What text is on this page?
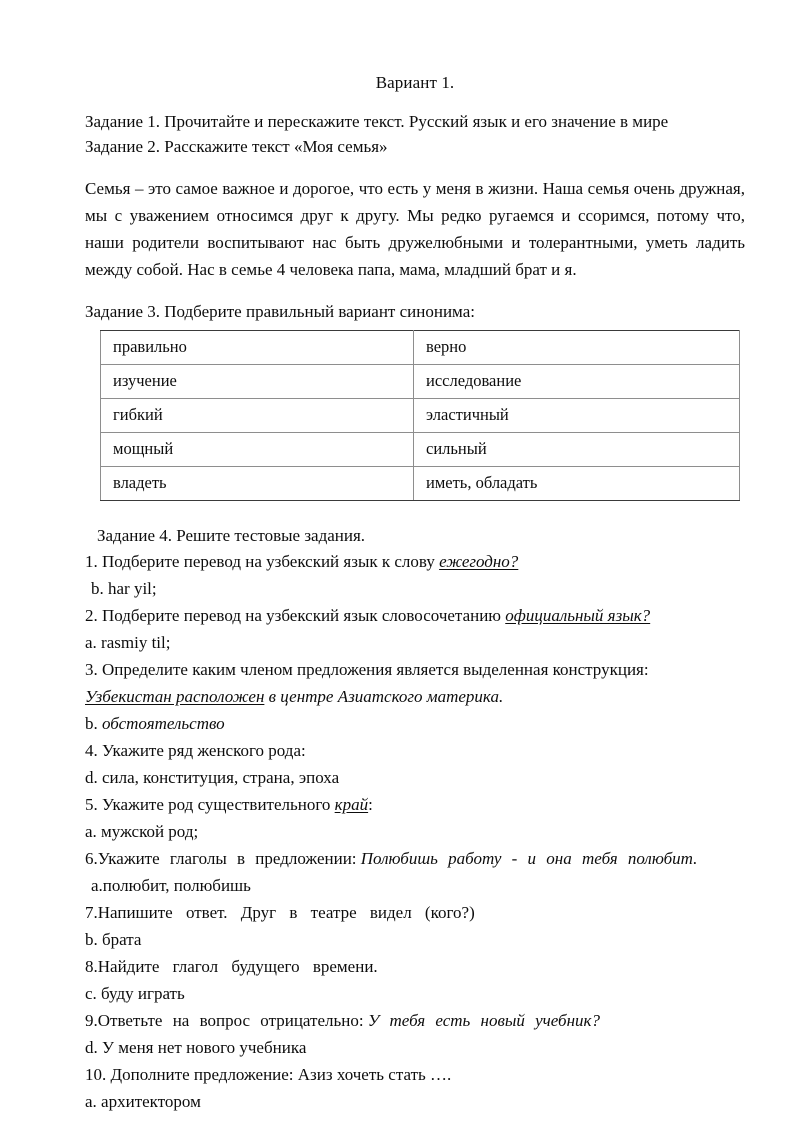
Вариант 1.

Задание 1. Прочитайте и перескажите текст. Русский язык и его значение в мире

Задание 2. Расскажите текст «Моя семья»

Семья – это самое важное и дорогое, что есть у меня в жизни. Наша семья очень дружная, мы с уважением относимся друг к другу. Мы редко ругаемся и ссоримся, потому что, наши родители воспитывают нас быть дружелюбными и толерантными, уметь ладить между собой. Нас в семье 4 человека папа, мама, младший брат и я.

Задание 3. Подберите правильный вариант синонима:

правильно	верно
изучение	исследование
гибкий	эластичный
мощный	сильный
владеть	иметь, обладать

Задание 4. Решите тестовые задания.

1. Подберите перевод на узбекский язык к слову ежегодно?

b. har yil;

2. Подберите перевод на узбекский язык словосочетанию официальный язык?

a. rasmiy til;

3. Определите каким членом предложения является выделенная конструкция:

Узбекистан расположен в центре Азиатского материка.

b. обстоятельство

4. Укажите ряд женского рода:

d. сила, конституция, страна, эпоха

5. Укажите род существительного край:

a. мужской род;

6.Укажите глаголы в предложении: Полюбишь работу - и она тебя полюбит.

a.полюбит, полюбишь

7.Напишите ответ. Друг в театре видел (кого?)

b. брата

8.Найдите глагол будущего времени.

c. буду играть

9.Ответьте на вопрос отрицательно: У тебя есть новый учебник?

d. У меня нет нового учебника

10. Дополните предложение: Азиз хочеть стать ….

a. архитектором
